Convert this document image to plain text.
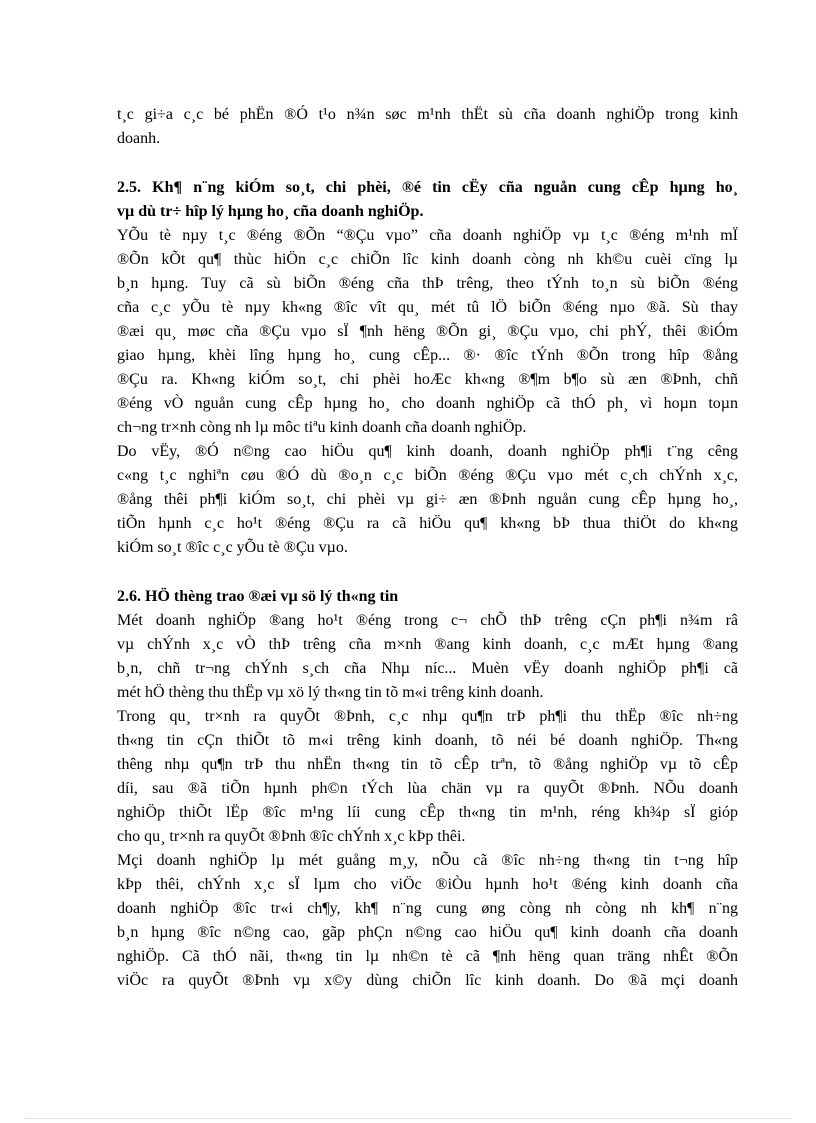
t¸c gi÷a c¸c bé phËn ®Ó t¹o n¾n søc m¹nh thËt sù cña doanh nghiÖp trong kinh
doanh.
2.5. Kh¶ n¨ng kiÓm so¸t, chi phèi, ®é tin cËy cña nguån cung cÊp hµng ho¸
vµ dù tr÷ hîp lý hµng ho¸ cña doanh nghiÖp.
YÕu tè nµy t¸c ®éng ®Õn “®Çu vµo” cña doanh nghiÖp vµ t¸c ®éng m¹nh mÏ
®Õn kÕt qu¶ thùc hiÖn c¸c chiÕn lîc kinh doanh còng nh kh©u cuèi cïng lµ
b¸n hµng. Tuy cã sù biÕn ®éng cña thÞ trêng, theo tÝnh to¸n sù biÕn ®éng
cña c¸c yÕu tè nµy kh«ng ®îc vît qu¸ mét tû lÖ biÕn ®éng nµo ®ã. Sù thay
®æi qu¸ møc cña ®Çu vµo sÏ ¶nh hëng ®Õn gi¸ ®Çu vµo, chi phÝ, thêi ®iÓm
giao hµng, khèi lîng hµng ho¸ cung cÊp... ®· ®îc tÝnh ®Õn trong hîp ®ång
®Çu ra. Kh«ng kiÓm so¸t, chi phèi hoÆc kh«ng ®¶m b¶o sù æn ®Þnh, chñ
®éng vÒ nguån cung cÊp hµng ho¸ cho doanh nghiÖp cã thÓ ph¸ vì hoµn toµn
ch¬ng tr×nh còng nh lµ môc tiªu kinh doanh cña doanh nghiÖp.
Do vËy, ®Ó n©ng cao hiÖu qu¶ kinh doanh, doanh nghiÖp ph¶i t¨ng cêng
c«ng t¸c nghiªn cøu ®Ó dù ®o¸n c¸c biÕn ®éng ®Çu vµo mét c¸ch chÝnh x¸c,
®ång thêi ph¶i kiÓm so¸t, chi phèi vµ gi÷ æn ®Þnh nguån cung cÊp hµng ho¸,
tiÕn hµnh c¸c ho¹t ®éng ®Çu ra cã hiÖu qu¶ kh«ng bÞ thua thiÖt do kh«ng
kiÓm so¸t ®îc c¸c yÕu tè ®Çu vµo.
2.6. HÖ thèng trao ®æi vµ sö lý th«ng tin
Mét doanh nghiÖp ®ang ho¹t ®éng trong c¬ chÕ thÞ trêng cÇn ph¶i n¾m râ
vµ chÝnh x¸c vÒ thÞ trêng cña m×nh ®ang kinh doanh, c¸c mÆt hµng ®ang
b¸n, chñ tr¬ng chÝnh s¸ch cña Nhµ níc... Muèn vËy doanh nghiÖp ph¶i cã
mét hÖ thèng thu thËp vµ xö lý th«ng tin tõ m«i trêng kinh doanh.
Trong qu¸ tr×nh ra quyÕt ®Þnh, c¸c nhµ qu¶n trÞ ph¶i thu thËp ®îc nh÷ng
th«ng tin cÇn thiÕt tõ m«i trêng kinh doanh, tõ néi bé doanh nghiÖp. Th«ng
thêng nhµ qu¶n trÞ thu nhËn th«ng tin tõ cÊp trªn, tõ ®ång nghiÖp vµ tõ cÊp
díi, sau ®ã tiÕn hµnh ph©n tÝch lùa chän vµ ra quyÕt ®Þnh. NÕu doanh
nghiÖp thiÕt lËp ®îc m¹ng líi cung cÊp th«ng tin m¹nh, réng kh¾p sÏ gióp
cho qu¸ tr×nh ra quyÕt ®Þnh ®îc chÝnh x¸c kÞp thêi.
Mçi doanh nghiÖp lµ mét guång m¸y, nÕu cã ®îc nh÷ng th«ng tin t¬ng hîp
kÞp thêi, chÝnh x¸c sÏ lµm cho viÖc ®iÒu hµnh ho¹t ®éng kinh doanh cña
doanh nghiÖp ®îc tr«i ch¶y, kh¶ n¨ng cung øng còng nh còng nh kh¶ n¨ng
b¸n hµng ®îc n©ng cao, gãp phÇn n©ng cao hiÖu qu¶ kinh doanh cña doanh
nghiÖp. Cã thÓ nãi, th«ng tin lµ nh©n tè cã ¶nh hëng quan träng nhÊt ®Õn
viÖc ra quyÕt ®Þnh vµ x©y dùng chiÕn lîc kinh doanh. Do ®ã mçi doanh
